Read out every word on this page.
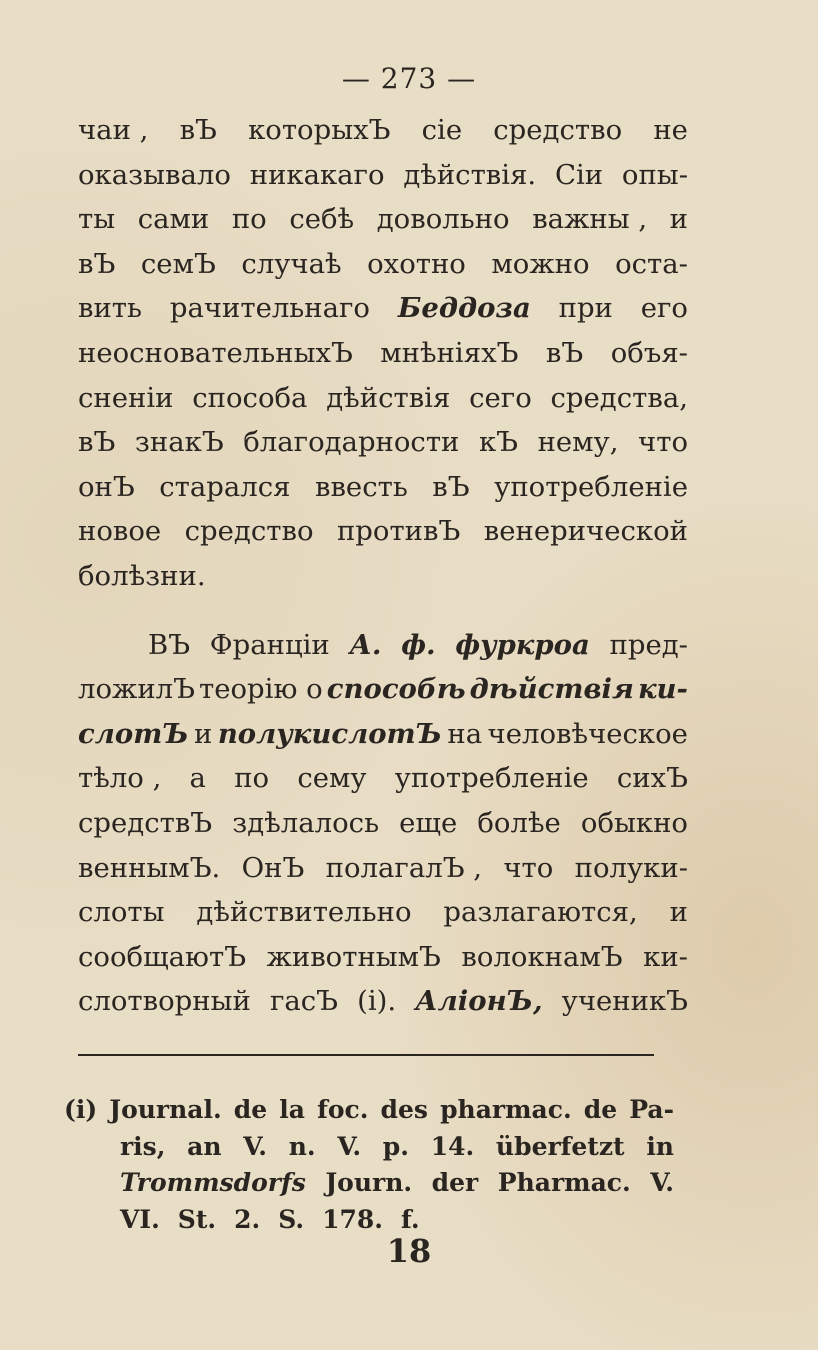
— 273 —
чаи , вЪ которыхЪ сіе средство не
оказывало никакаго дѣйствія. Сіи опы-
ты сами по себѣ довольно важны , и
вЪ семЪ случаѣ охотно можно оста-
вить рачительнаго Беддоза при его
неосновательныхЪ мнѣніяхЪ вЪ объя-
сненіи способа дѣйствія сего средства,
вЪ знакЪ благодарности кЪ нему, что
онЪ старался ввесть вЪ употребленіе
новое средство противЪ венерической
болѣзни.
ВЪ Франціи А. ф. фуркроа пред-
ложилЪ теорію о способѣ дѣйствія ки-
слотЪ и полукислотЪ на человѣческое
тѣло , а по сему употребленіе сихЪ
средствЪ здѣлалось еще болѣе обыкно
веннымЪ. ОнЪ полагалЪ , что полуки-
слоты дѣйствительно разлагаются, и
сообщаютЪ животнымЪ волокнамЪ ки-
слотворный гасЪ (i). АліонЪ, ученикЪ
(i) Journal. de la foc. des pharmac. de Pa-
ris, an V. n. V. p. 14. überfetzt in
Trommsdorfs Journ. der Pharmac. V.
VI. St. 2. S. 178. f.
18
